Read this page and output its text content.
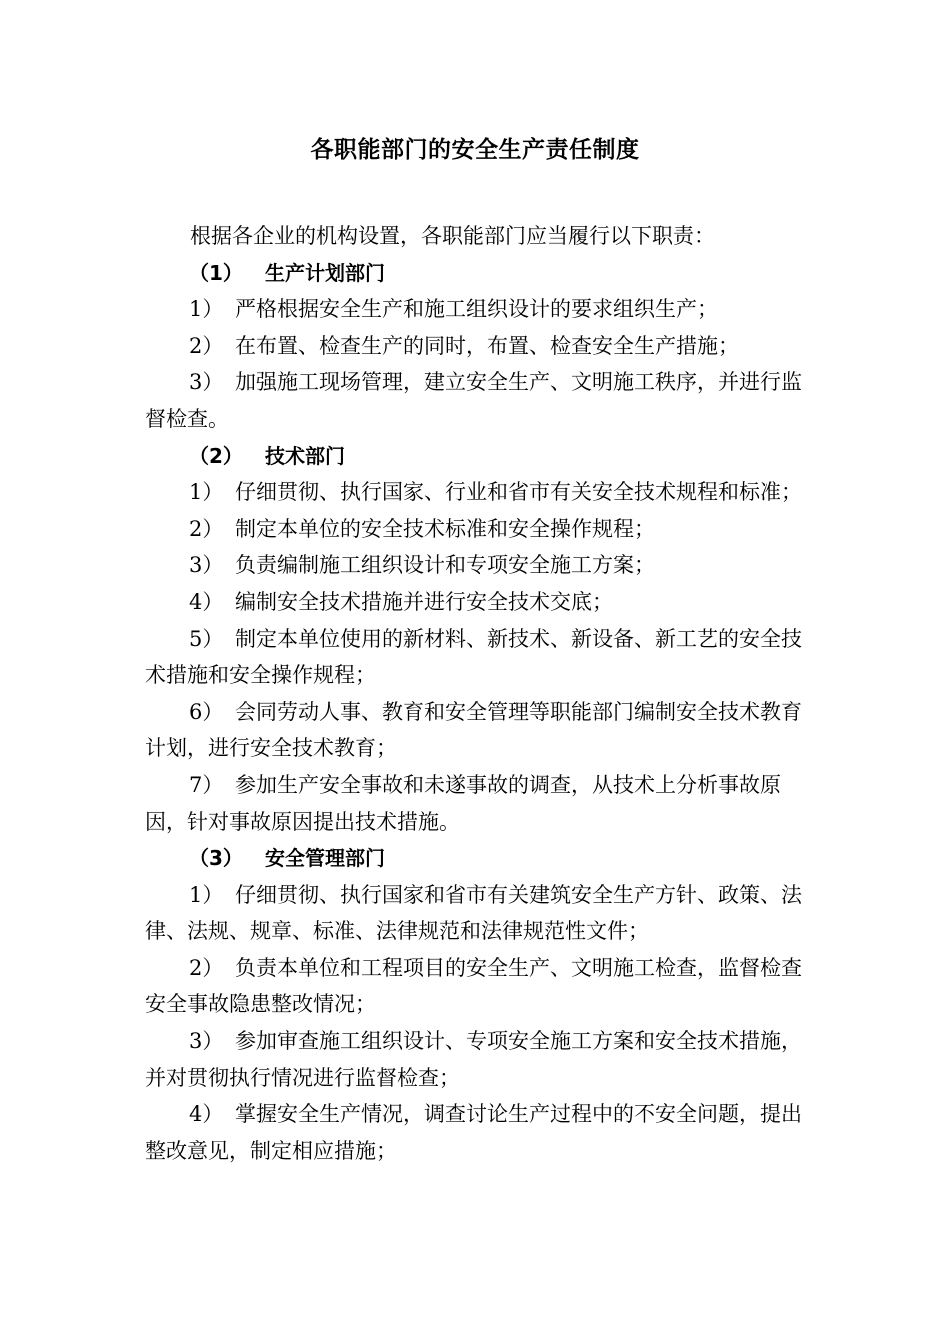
各职能部门的安全生产责任制度

根据各企业的机构设置，各职能部门应当履行以下职责：

（1） 生产计划部门

1） 严格根据安全生产和施工组织设计的要求组织生产；

2） 在布置、检查生产的同时，布置、检查安全生产措施；

3） 加强施工现场管理，建立安全生产、文明施工秩序，并进行监督检查。

（2） 技术部门

1） 仔细贯彻、执行国家、行业和省市有关安全技术规程和标准；

2） 制定本单位的安全技术标准和安全操作规程；

3） 负责编制施工组织设计和专项安全施工方案；

4） 编制安全技术措施并进行安全技术交底；

5） 制定本单位使用的新材料、新技术、新设备、新工艺的安全技术措施和安全操作规程；

6） 会同劳动人事、教育和安全管理等职能部门编制安全技术教育计划，进行安全技术教育；

7） 参加生产安全事故和未遂事故的调查，从技术上分析事故原因，针对事故原因提出技术措施。

（3） 安全管理部门

1） 仔细贯彻、执行国家和省市有关建筑安全生产方针、政策、法律、法规、规章、标准、法律规范和法律规范性文件；

2） 负责本单位和工程项目的安全生产、文明施工检查，监督检查安全事故隐患整改情况；

3） 参加审查施工组织设计、专项安全施工方案和安全技术措施，并对贯彻执行情况进行监督检查；

4） 掌握安全生产情况，调查讨论生产过程中的不安全问题，提出整改意见，制定相应措施；
